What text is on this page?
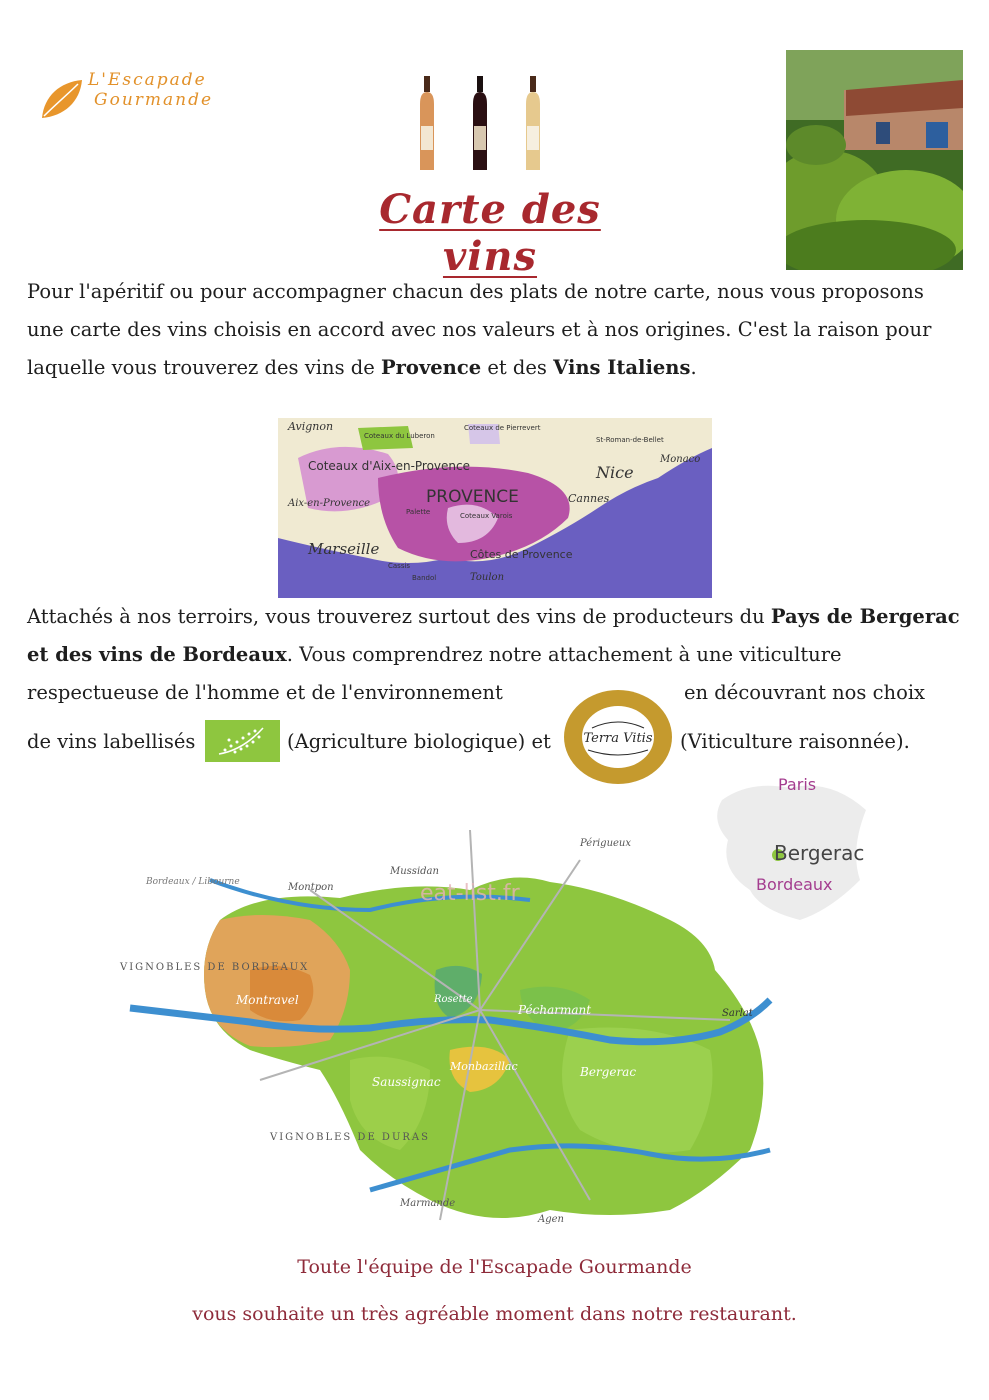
L'Escapade
Gourmande
Carte des vins
Pour l'apéritif ou pour accompagner chacun des plats de notre carte, nous vous proposons une carte des vins choisis en accord avec nos valeurs et à nos origines. C'est la raison pour laquelle vous trouverez des vins de Provence et des Vins Italiens.
Avignon
Coteaux du Luberon
Coteaux de Pierrevert
St-Roman-de-Bellet
Coteaux d'Aix-en-Provence	Nice
Monaco
Aix-en-Provence	PROVENCE	Cannes
Palette	Coteaux Varois
Marseille	Côtes de Provence
Cassis
Bandol	Toulon
Attachés à nos terroirs, vous trouverez surtout des vins de producteurs du Pays de Bergerac et des vins de Bordeaux. Vous comprendrez notre attachement à une viticulture respectueuse de l'homme et de l'environnement	en découvrant nos choix
de vins labellisés	(Agriculture biologique) et	(Viticulture raisonnée).
Terra Vitis
Paris
Bergerac
Bordeaux
VIGNOBLES DE BORDEAUX
VIGNOBLES DE DURAS
eat-list.fr
Périgueux
Mussidan
Montpon
Montravel	Rosette
Pécharmant
Saussignac
Monbazillac	Bergerac
Sarlat
Marmande
Agen
Bordeaux / Libourne
Toute l'équipe de l'Escapade Gourmande
vous souhaite un très agréable moment dans notre restaurant.
